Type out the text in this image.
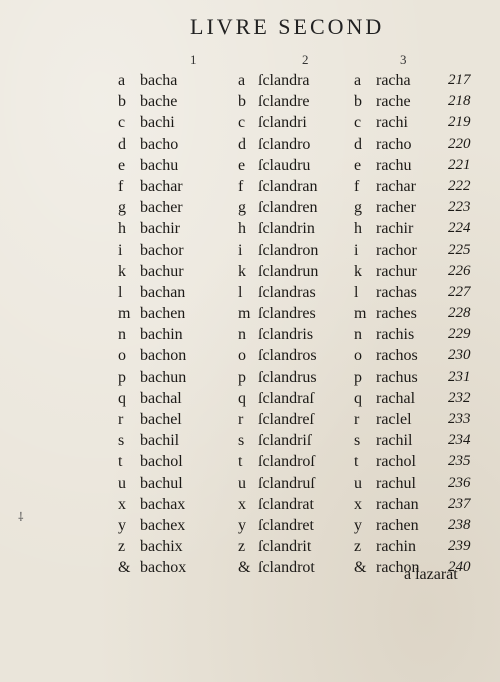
LIVRE SECOND
1	2	3
a bacha	a ſclandra	a racha 217
b bache	b ſclandre	b rache 218
c bachi	c ſclandri	c rachi	219
d bacho	d ſclandro	d racho 220
e bachu	e ſclaudru	e rachu 221
f	bachar	f ſclandran f	rachar 222
g bacher	g ſclandren g racher 223
h bachir	h ſclandrin h rachir 224
i	bachor	i ſclandron i	rachor 225
k bachur	k ſclandrun k rachur 226
l	bachan	l ſclandras l	rachas 227
m bachen	m ſclandres m raches 228
n bachin	n ſclandris	n rachis 229
o bachon	o ſclandros o rachos 230
p bachun	p ſclandrus p rachus 231
q bachal	q ſclandraſ	q rachal 232
r	bachel	r ſclandreſ	r	raclel 233
s bachil	s ſclandriſ	s rachil 234
t	bachol	t ſclandroſ t	rachol 235
u bachul	u ſclandruſ u rachul 236
x bachax	x ſclandrat	x rachan 237
y bachex	y ſclandret	y rachen 238
z bachix	z ſclandrit	z rachin 239
& bachox	& ſclandrot & rachon 240
a lazarat
⸸
